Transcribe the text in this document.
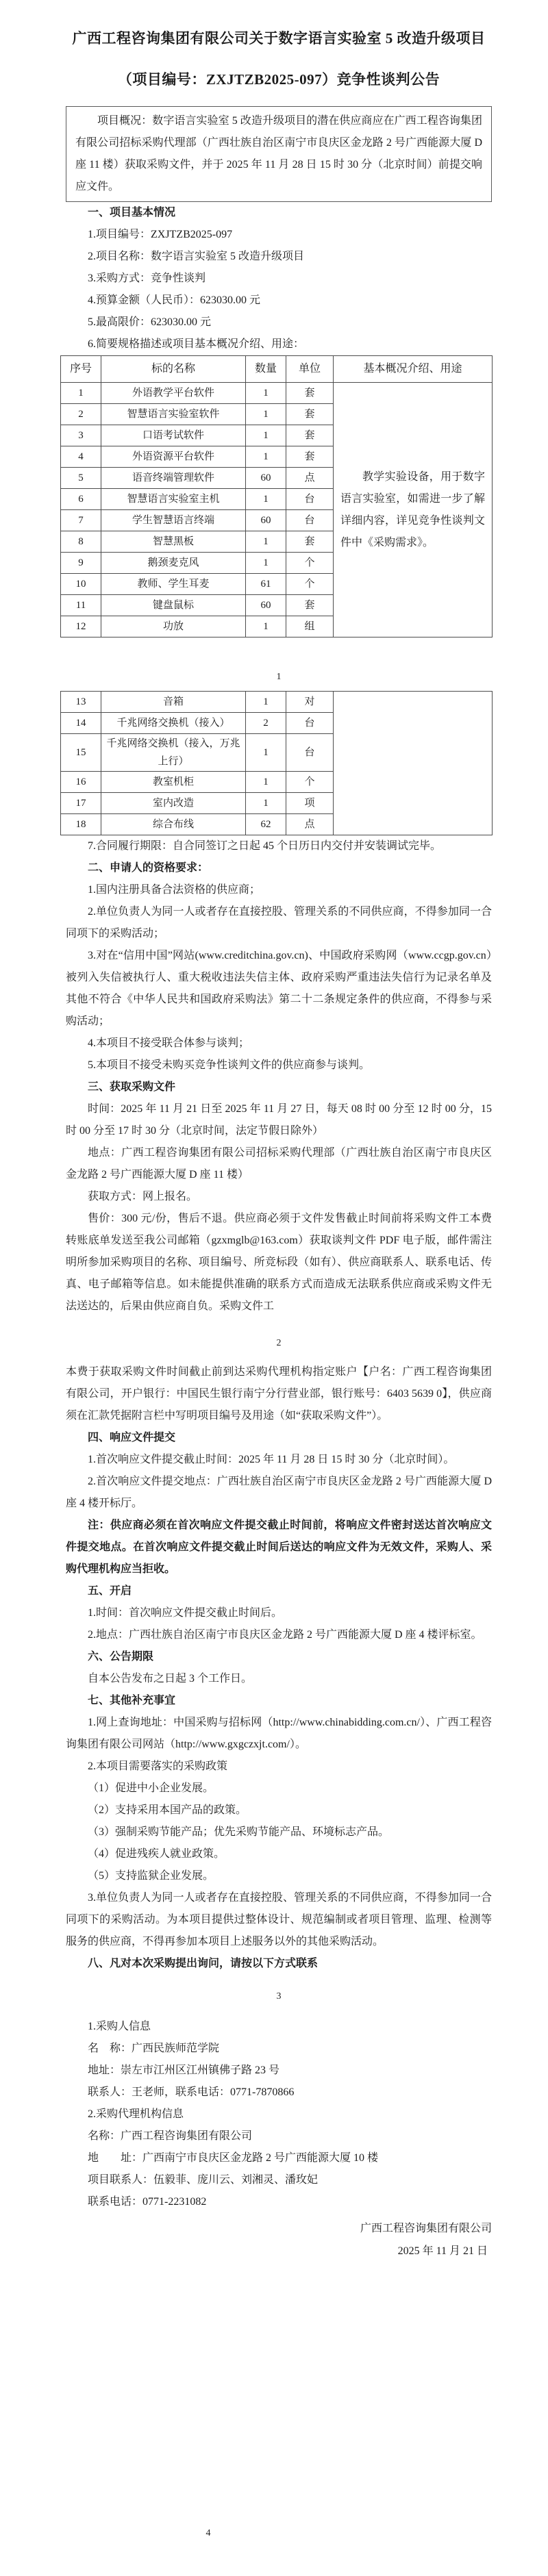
广西工程咨询集团有限公司关于数字语言实验室 5 改造升级项目
（项目编号：ZXJTZB2025-097）竞争性谈判公告

项目概况：数字语言实验室 5 改造升级项目的潜在供应商应在广西工程咨询集团有限公司招标采购代理部（广西壮族自治区南宁市良庆区金龙路 2 号广西能源大厦 D 座 11 楼）获取采购文件，并于 2025 年 11 月 28 日 15 时 30 分（北京时间）前提交响应文件。

一、项目基本情况

1.项目编号：ZXJTZB2025-097

2.项目名称：数字语言实验室 5 改造升级项目

3.采购方式：竞争性谈判

4.预算金额（人民币）：623030.00 元

5.最高限价：623030.00 元

6.简要规格描述或项目基本概况介绍、用途：

序号	标的名称	数量	单位	基本概况介绍、用途
1	外语教学平台软件	1	套	教学实验设备，用于数字语言实验室，如需进一步了解详细内容，详见竞争性谈判文件中《采购需求》。
2	智慧语言实验室软件	1	套	
3	口语考试软件	1	套	
4	外语资源平台软件	1	套	
5	语音终端管理软件	60	点	
6	智慧语言实验室主机	1	台	
7	学生智慧语言终端	60	台	
8	智慧黑板	1	套	
9	鹅颈麦克风	1	个	
10	教师、学生耳麦	61	个	
11	键盘鼠标	60	套	
12	功放	1	组	
1
13	音箱	1	对	
14	千兆网络交换机（接入）	2	台	
15	千兆网络交换机（接入，万兆上行）	1	台	
16	教室机柜	1	个	
17	室内改造	1	项	
18	综合布线	62	点	

7.合同履行期限：自合同签订之日起 45 个日历日内交付并安装调试完毕。

二、申请人的资格要求：

1.国内注册具备合法资格的供应商；

2.单位负责人为同一人或者存在直接控股、管理关系的不同供应商，不得参加同一合同项下的采购活动；

3.对在“信用中国”网站(www.creditchina.gov.cn)、中国政府采购网（www.ccgp.gov.cn）被列入失信被执行人、重大税收违法失信主体、政府采购严重违法失信行为记录名单及其他不符合《中华人民共和国政府采购法》第二十二条规定条件的供应商，不得参与采购活动；

4.本项目不接受联合体参与谈判；

5.本项目不接受未购买竞争性谈判文件的供应商参与谈判。

三、获取采购文件

时间：2025 年 11 月 21 日至 2025 年 11 月 27 日，每天 08 时 00 分至 12 时 00 分，15 时 00 分至 17 时 30 分（北京时间，法定节假日除外）

地点：广西工程咨询集团有限公司招标采购代理部（广西壮族自治区南宁市良庆区金龙路 2 号广西能源大厦 D 座 11 楼）

获取方式：网上报名。

售价：300 元/份，售后不退。供应商必须于文件发售截止时间前将采购文件工本费转账底单发送至我公司邮箱（gzxmglb@163.com）获取谈判文件 PDF 电子版，邮件需注明所参加采购项目的名称、项目编号、所竞标段（如有）、供应商联系人、联系电话、传真、电子邮箱等信息。如未能提供准确的联系方式而造成无法联系供应商或采购文件无法送达的，后果由供应商自负。采购文件工

2

本费于获取采购文件时间截止前到达采购代理机构指定账户【户名：广西工程咨询集团有限公司，开户银行：中国民生银行南宁分行营业部，银行账号：6403 5639 0】，供应商须在汇款凭据附言栏中写明项目编号及用途（如“获取采购文件”）。

四、响应文件提交

1.首次响应文件提交截止时间：2025 年 11 月 28 日 15 时 30 分（北京时间）。

2.首次响应文件提交地点：广西壮族自治区南宁市良庆区金龙路 2 号广西能源大厦 D 座 4 楼开标厅。

注：供应商必须在首次响应文件提交截止时间前，将响应文件密封送达首次响应文件提交地点。在首次响应文件提交截止时间后送达的响应文件为无效文件，采购人、采购代理机构应当拒收。

五、开启

1.时间：首次响应文件提交截止时间后。

2.地点：广西壮族自治区南宁市良庆区金龙路 2 号广西能源大厦 D 座 4 楼评标室。

六、公告期限

自本公告发布之日起 3 个工作日。

七、其他补充事宜

1.网上查询地址：中国采购与招标网（http://www.chinabidding.com.cn/）、广西工程咨询集团有限公司网站（http://www.gxgczxjt.com/）。

2.本项目需要落实的采购政策

（1）促进中小企业发展。

（2）支持采用本国产品的政策。

（3）强制采购节能产品；优先采购节能产品、环境标志产品。

（4）促进残疾人就业政策。

（5）支持监狱企业发展。

3.单位负责人为同一人或者存在直接控股、管理关系的不同供应商，不得参加同一合同项下的采购活动。为本项目提供过整体设计、规范编制或者项目管理、监理、检测等服务的供应商，不得再参加本项目上述服务以外的其他采购活动。

八、凡对本次采购提出询问，请按以下方式联系

3

1.采购人信息

名　称：广西民族师范学院

地址：崇左市江州区江州镇佛子路 23 号

联系人：王老师，联系电话：0771-7870866

2.采购代理机构信息

名称：广西工程咨询集团有限公司

地　　址：广西南宁市良庆区金龙路 2 号广西能源大厦 10 楼

项目联系人：伍毅菲、庞川云、刘湘灵、潘玫妃

联系电话：0771-2231082

广西工程咨询集团有限公司
2025 年 11 月 21 日
4
